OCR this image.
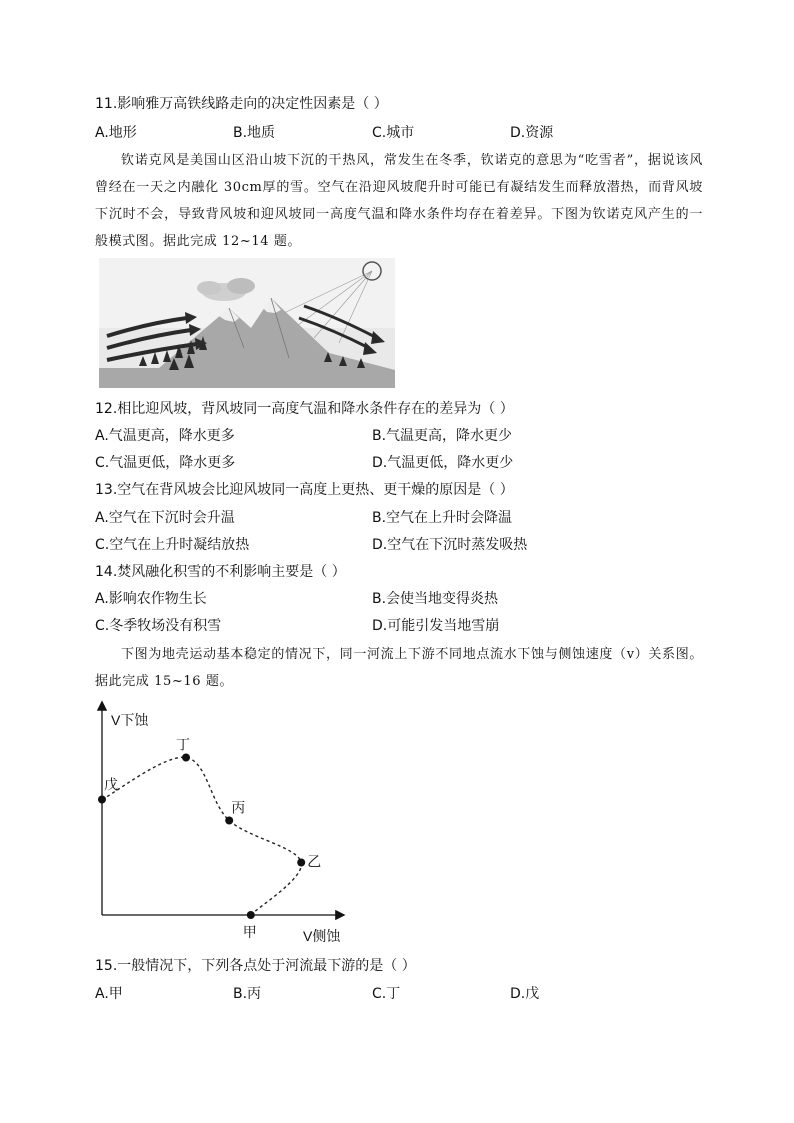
11.影响雅万高铁线路走向的决定性因素是（ ）
A.地形	B.地质	C.城市	D.资源
钦诺克风是美国山区沿山坡下沉的干热风，常发生在冬季，钦诺克的意思为“吃雪者”，据说该风曾经在一天之内融化 30cm厚的雪。空气在沿迎风坡爬升时可能已有凝结发生而释放潜热，而背风坡下沉时不会，导致背风坡和迎风坡同一高度气温和降水条件均存在着差异。下图为钦诺克风产生的一般模式图。据此完成 12~14 题。
12.相比迎风坡，背风坡同一高度气温和降水条件存在的差异为（ ）
A.气温更高，降水更多	B.气温更高，降水更少
C.气温更低，降水更多	D.气温更低，降水更少
13.空气在背风坡会比迎风坡同一高度上更热、更干燥的原因是（ ）
A.空气在下沉时会升温	B.空气在上升时会降温
C.空气在上升时凝结放热	D.空气在下沉时蒸发吸热
14.焚风融化积雪的不利影响主要是（ ）
A.影响农作物生长	B.会使当地变得炎热
C.冬季牧场没有积雪	D.可能引发当地雪崩
下图为地壳运动基本稳定的情况下，同一河流上下游不同地点流水下蚀与侧蚀速度（v）关系图。据此完成 15~16 题。
V下蚀
V侧蚀
甲
乙
丙
丁
戊
15.一般情况下，下列各点处于河流最下游的是（ ）
A.甲	B.丙	C.丁	D.戊
